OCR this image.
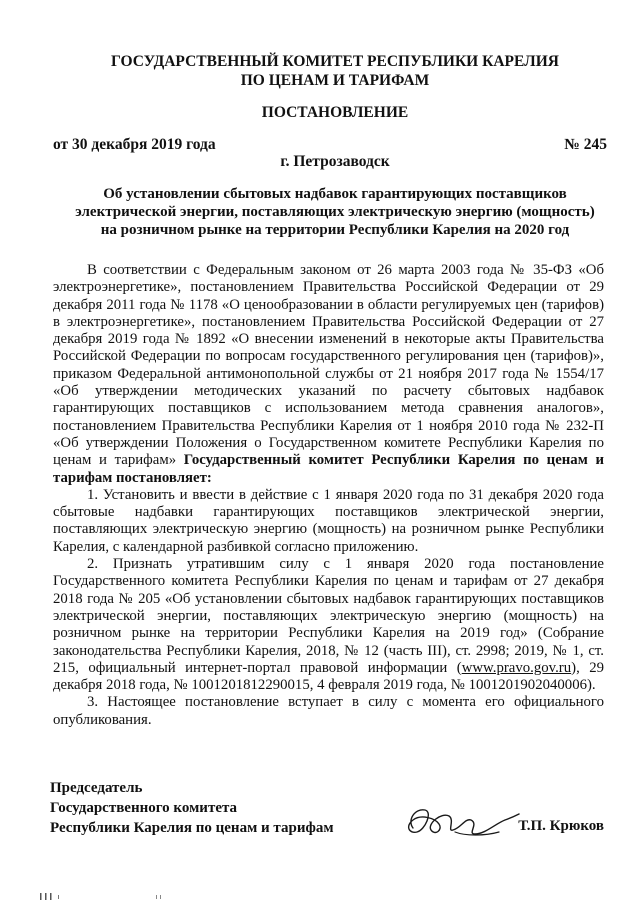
ГОСУДАРСТВЕННЫЙ КОМИТЕТ РЕСПУБЛИКИ КАРЕЛИЯ
ПО ЦЕНАМ И ТАРИФАМ
ПОСТАНОВЛЕНИЕ
от 30 декабря 2019 года	№ 245
г. Петрозаводск
Об установлении сбытовых надбавок гарантирующих поставщиков
электрической энергии, поставляющих электрическую энергию (мощность)
на розничном рынке на территории Республики Карелия на 2020 год

В соответствии с Федеральным законом от 26 марта 2003 года № 35-ФЗ «Об электроэнергетике», постановлением Правительства Российской Федерации от 29 декабря 2011 года № 1178 «О ценообразовании в области регулируемых цен (тарифов) в электроэнергетике», постановлением Правительства Российской Федерации от 27 декабря 2019 года № 1892 «О внесении изменений в некоторые акты Правительства Российской Федерации по вопросам государственного регулирования цен (тарифов)», приказом Федеральной антимонопольной службы от 21 ноября 2017 года № 1554/17 «Об утверждении методических указаний по расчету сбытовых надбавок гарантирующих поставщиков с использованием метода сравнения аналогов», постановлением Правительства Республики Карелия от 1 ноября 2010 года № 232-П «Об утверждении Положения о Государственном комитете Республики Карелия по ценам и тарифам» Государственный комитет Республики Карелия по ценам и тарифам постановляет:

1. Установить и ввести в действие с 1 января 2020 года по 31 декабря 2020 года сбытовые надбавки гарантирующих поставщиков электрической энергии, поставляющих электрическую энергию (мощность) на розничном рынке Республики Карелия, с календарной разбивкой согласно приложению.

2. Признать утратившим силу с 1 января 2020 года постановление Государственного комитета Республики Карелия по ценам и тарифам от 27 декабря 2018 года № 205 «Об установлении сбытовых надбавок гарантирующих поставщиков электрической энергии, поставляющих электрическую энергию (мощность) на розничном рынке на территории Республики Карелия на 2019 год» (Собрание законодательства Республики Карелия, 2018, № 12 (часть III), ст. 2998; 2019, № 1, ст. 215, официальный интернет-портал правовой информации (www.pravo.gov.ru), 29 декабря 2018 года, № 1001201812290015, 4 февраля 2019 года, № 1001201902040006).

3. Настоящее постановление вступает в силу с момента его официального опубликования.

Председатель
Государственного комитета
Республики Карелия по ценам и тарифам	Т.П. Крюков
